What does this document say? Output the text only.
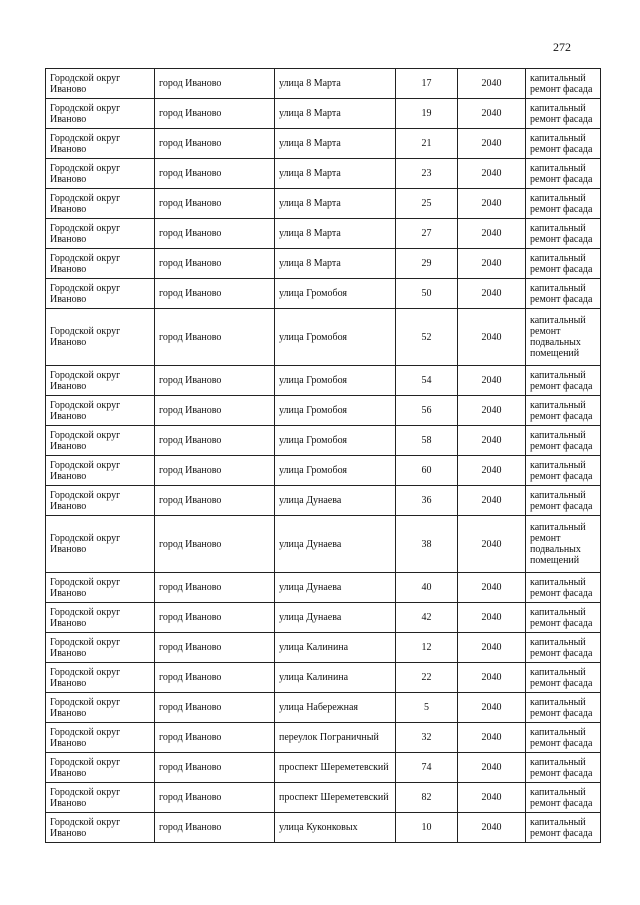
272
Городской округ Иваново	город Иваново	улица 8 Марта	17	2040	капитальный ремонт фасада
Городской округ Иваново	город Иваново	улица 8 Марта	19	2040	капитальный ремонт фасада
Городской округ Иваново	город Иваново	улица 8 Марта	21	2040	капитальный ремонт фасада
Городской округ Иваново	город Иваново	улица 8 Марта	23	2040	капитальный ремонт фасада
Городской округ Иваново	город Иваново	улица 8 Марта	25	2040	капитальный ремонт фасада
Городской округ Иваново	город Иваново	улица 8 Марта	27	2040	капитальный ремонт фасада
Городской округ Иваново	город Иваново	улица 8 Марта	29	2040	капитальный ремонт фасада
Городской округ Иваново	город Иваново	улица Громобоя	50	2040	капитальный ремонт фасада
Городской округ Иваново	город Иваново	улица Громобоя	52	2040	капитальный ремонт подвальных помещений
Городской округ Иваново	город Иваново	улица Громобоя	54	2040	капитальный ремонт фасада
Городской округ Иваново	город Иваново	улица Громобоя	56	2040	капитальный ремонт фасада
Городской округ Иваново	город Иваново	улица Громобоя	58	2040	капитальный ремонт фасада
Городской округ Иваново	город Иваново	улица Громобоя	60	2040	капитальный ремонт фасада
Городской округ Иваново	город Иваново	улица Дунаева	36	2040	капитальный ремонт фасада
Городской округ Иваново	город Иваново	улица Дунаева	38	2040	капитальный ремонт подвальных помещений
Городской округ Иваново	город Иваново	улица Дунаева	40	2040	капитальный ремонт фасада
Городской округ Иваново	город Иваново	улица Дунаева	42	2040	капитальный ремонт фасада
Городской округ Иваново	город Иваново	улица Калинина	12	2040	капитальный ремонт фасада
Городской округ Иваново	город Иваново	улица Калинина	22	2040	капитальный ремонт фасада
Городской округ Иваново	город Иваново	улица Набережная	5	2040	капитальный ремонт фасада
Городской округ Иваново	город Иваново	переулок Пограничный	32	2040	капитальный ремонт фасада
Городской округ Иваново	город Иваново	проспект Шереметевский	74	2040	капитальный ремонт фасада
Городской округ Иваново	город Иваново	проспект Шереметевский	82	2040	капитальный ремонт фасада
Городской округ Иваново	город Иваново	улица Куконковых	10	2040	капитальный ремонт фасада
